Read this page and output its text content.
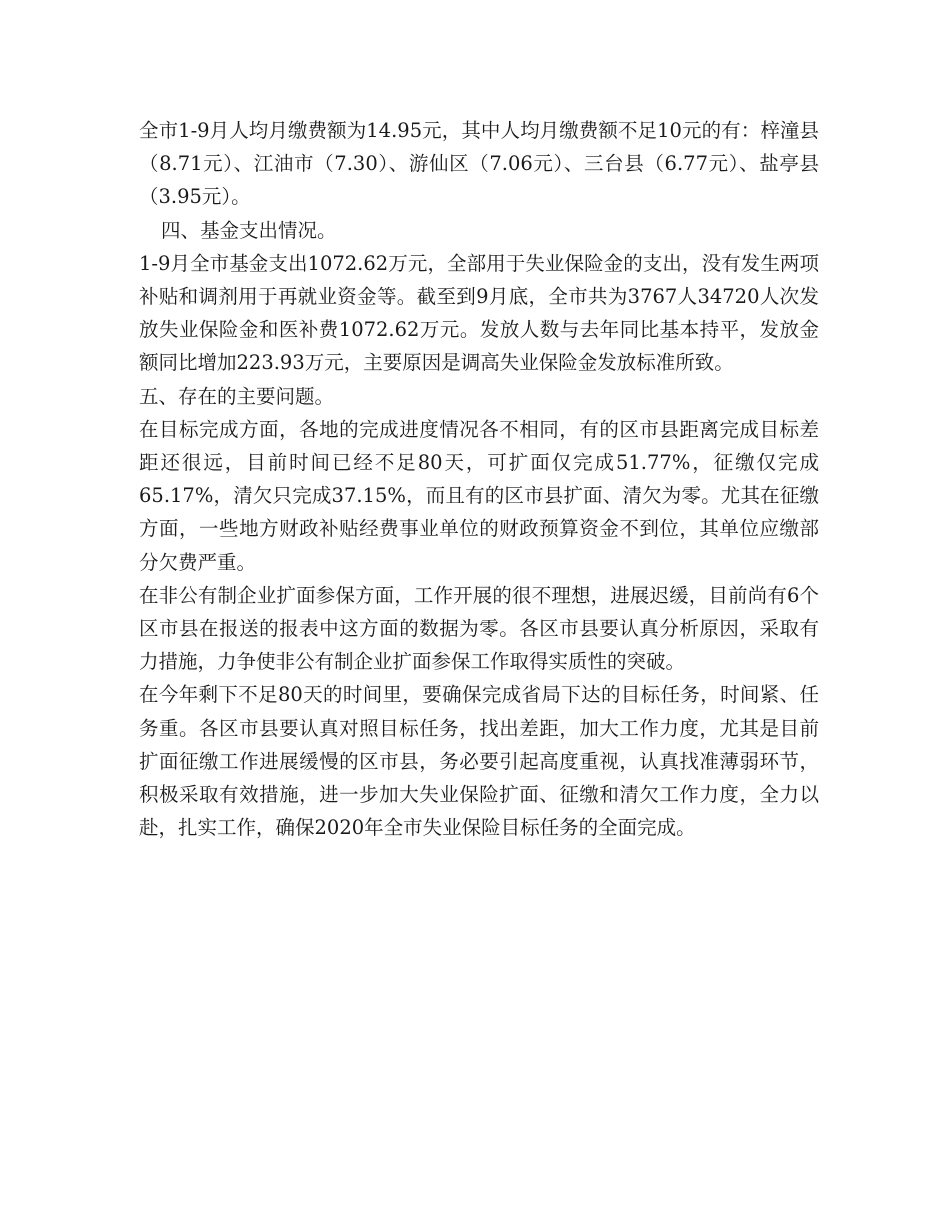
全市1-9月人均月缴费额为14.95元，其中人均月缴费额不足10元的有：梓潼县（8.71元）、江油市（7.30）、游仙区（7.06元）、三台县（6.77元）、盐亭县（3.95元）。

四、基金支出情况。

1-9月全市基金支出1072.62万元，全部用于失业保险金的支出，没有发生两项补贴和调剂用于再就业资金等。截至到9月底，全市共为3767人34720人次发放失业保险金和医补费1072.62万元。发放人数与去年同比基本持平，发放金额同比增加223.93万元，主要原因是调高失业保险金发放标准所致。

五、存在的主要问题。

在目标完成方面，各地的完成进度情况各不相同，有的区市县距离完成目标差距还很远，目前时间已经不足80天，可扩面仅完成51.77%，征缴仅完成65.17%，清欠只完成37.15%，而且有的区市县扩面、清欠为零。尤其在征缴方面，一些地方财政补贴经费事业单位的财政预算资金不到位，其单位应缴部分欠费严重。

在非公有制企业扩面参保方面，工作开展的很不理想，进展迟缓，目前尚有6个区市县在报送的报表中这方面的数据为零。各区市县要认真分析原因，采取有力措施，力争使非公有制企业扩面参保工作取得实质性的突破。

在今年剩下不足80天的时间里，要确保完成省局下达的目标任务，时间紧、任务重。各区市县要认真对照目标任务，找出差距，加大工作力度，尤其是目前扩面征缴工作进展缓慢的区市县，务必要引起高度重视，认真找准薄弱环节，积极采取有效措施，进一步加大失业保险扩面、征缴和清欠工作力度，全力以赴，扎实工作，确保2020年全市失业保险目标任务的全面完成。
